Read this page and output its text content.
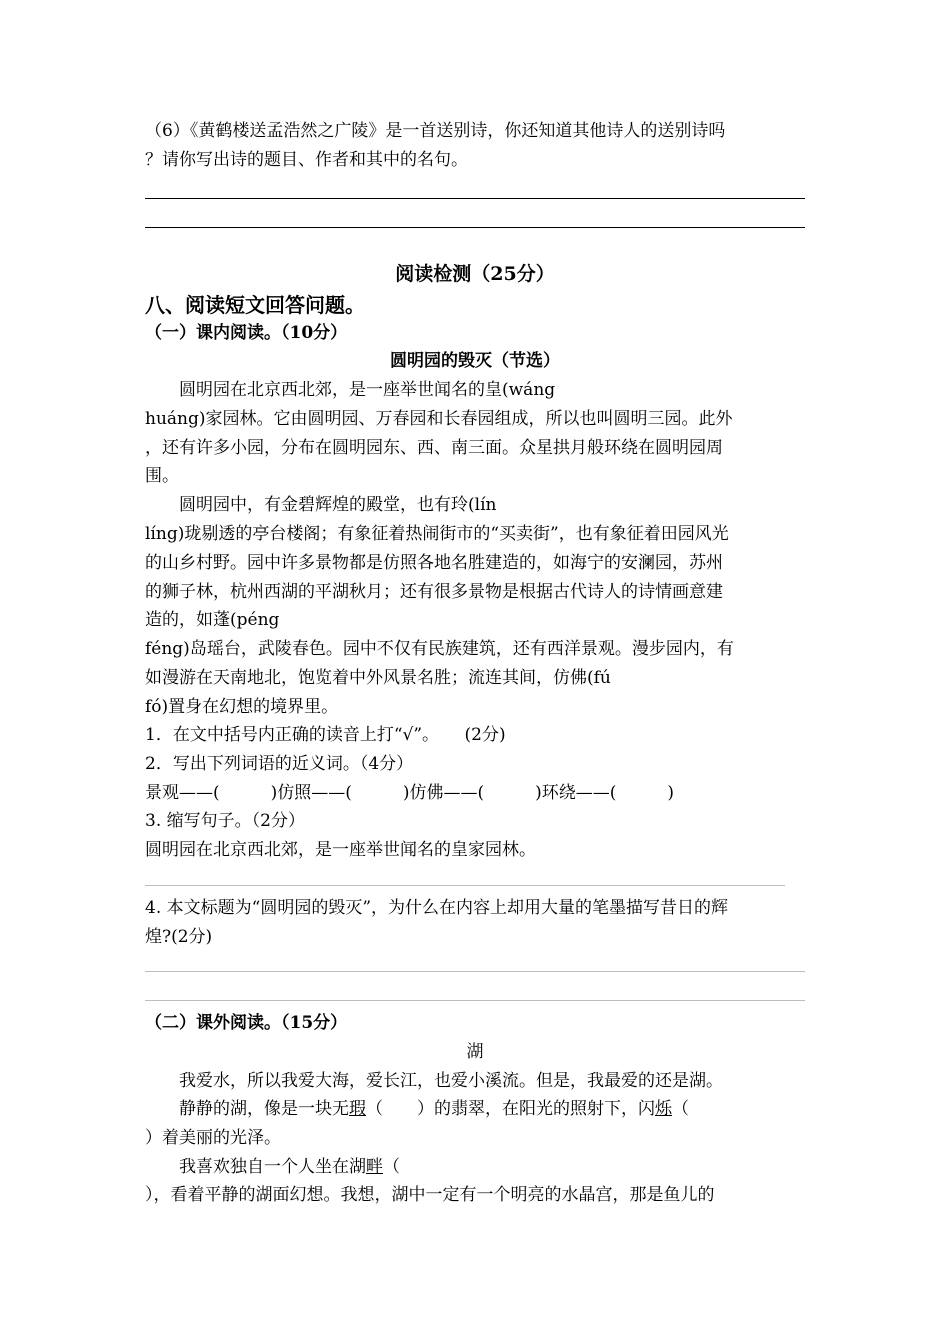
（6）《黄鹤楼送孟浩然之广陵》是一首送别诗，你还知道其他诗人的送别诗吗
？请你写出诗的题目、作者和其中的名句。
阅读检测（25分）
八、阅读短文回答问题。
（一）课内阅读。（10分）
圆明园的毁灭（节选）
　　圆明园在北京西北郊，是一座举世闻名的皇(wáng
huáng)家园林。它由圆明园、万春园和长春园组成，所以也叫圆明三园。此外
，还有许多小园，分布在圆明园东、西、南三面。众星拱月般环绕在圆明园周
围。
　　圆明园中，有金碧辉煌的殿堂，也有玲(lín
líng)珑剔透的亭台楼阁；有象征着热闹街市的“买卖街”，也有象征着田园风光
的山乡村野。园中许多景物都是仿照各地名胜建造的，如海宁的安澜园，苏州
的狮子林，杭州西湖的平湖秋月；还有很多景物是根据古代诗人的诗情画意建
造的，如蓬(péng
féng)岛瑶台，武陵春色。园中不仅有民族建筑，还有西洋景观。漫步园内，有
如漫游在天南地北，饱览着中外风景名胜；流连其间，仿佛(fú
fó)置身在幻想的境界里。
1．在文中括号内正确的读音上打“√”。　　(2分)
2．写出下列词语的近义词。（4分）
景观——(　　　)仿照——(　　　)仿佛——(　　　)环绕——(　　　)
3. 缩写句子。（2分）
圆明园在北京西北郊，是一座举世闻名的皇家园林。
4. 本文标题为“圆明园的毁灭”，为什么在内容上却用大量的笔墨描写昔日的辉
煌?(2分)
（二）课外阅读。（15分）
湖
　　我爱水，所以我爱大海，爱长江，也爱小溪流。但是，我最爱的还是湖。
　　静静的湖，像是一块无瑕（　　）的翡翠，在阳光的照射下，闪烁（
）着美丽的光泽。
　　我喜欢独自一个人坐在湖畔（
），看着平静的湖面幻想。我想，湖中一定有一个明亮的水晶宫，那是鱼儿的
